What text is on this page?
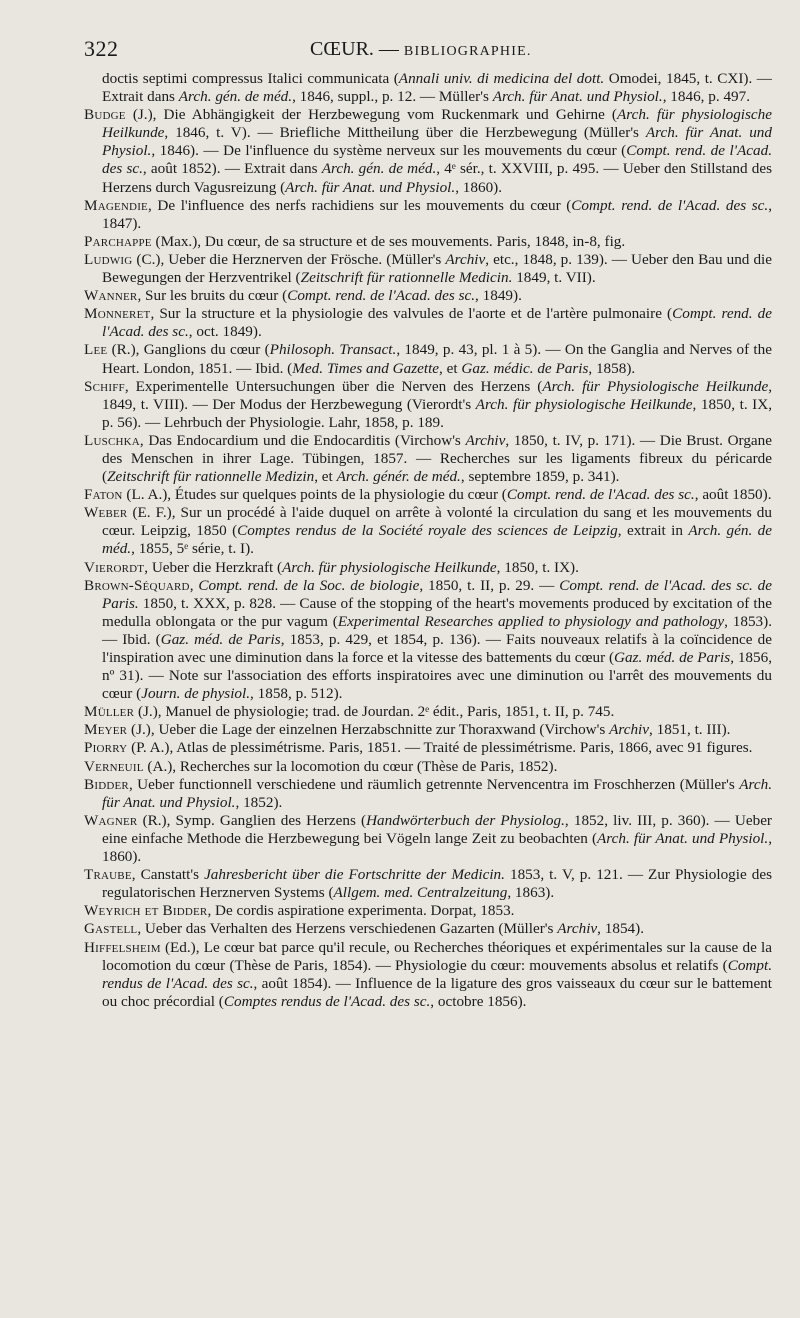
322	CŒUR. — BIBLIOGRAPHIE.

doctis septimi compressus Italici communicata (Annali univ. di medicina del dott. Omodei, 1845, t. CXI). — Extrait dans Arch. gén. de méd., 1846, suppl., p. 12. — Müller's Arch. für Anat. und Physiol., 1846, p. 497.

Budge (J.), Die Abhängigkeit der Herzbewegung vom Ruckenmark und Gehirne (Arch. für physiologische Heilkunde, 1846, t. V). — Briefliche Mittheilung über die Herzbewegung (Müller's Arch. für Anat. und Physiol., 1846). — De l'influence du système nerveux sur les mouvements du cœur (Compt. rend. de l'Acad. des sc., août 1852). — Extrait dans Arch. gén. de méd., 4ᵉ sér., t. XXVIII, p. 495. — Ueber den Stillstand des Herzens durch Vagusreizung (Arch. für Anat. und Physiol., 1860).

Magendie, De l'influence des nerfs rachidiens sur les mouvements du cœur (Compt. rend. de l'Acad. des sc., 1847).

Parchappe (Max.), Du cœur, de sa structure et de ses mouvements. Paris, 1848, in-8, fig.

Ludwig (C.), Ueber die Herznerven der Frösche. (Müller's Archiv, etc., 1848, p. 139). — Ueber den Bau und die Bewegungen der Herzventrikel (Zeitschrift für rationnelle Medicin. 1849, t. VII).

Wanner, Sur les bruits du cœur (Compt. rend. de l'Acad. des sc., 1849).

Monneret, Sur la structure et la physiologie des valvules de l'aorte et de l'artère pulmonaire (Compt. rend. de l'Acad. des sc., oct. 1849).

Lee (R.), Ganglions du cœur (Philosoph. Transact., 1849, p. 43, pl. 1 à 5). — On the Ganglia and Nerves of the Heart. London, 1851. — Ibid. (Med. Times and Gazette, et Gaz. médic. de Paris, 1858).

Schiff, Experimentelle Untersuchungen über die Nerven des Herzens (Arch. für Physiologische Heilkunde, 1849, t. VIII). — Der Modus der Herzbewegung (Vierordt's Arch. für physiologische Heilkunde, 1850, t. IX, p. 56). — Lehrbuch der Physiologie. Lahr, 1858, p. 189.

Luschka, Das Endocardium und die Endocarditis (Virchow's Archiv, 1850, t. IV, p. 171). — Die Brust. Organe des Menschen in ihrer Lage. Tübingen, 1857. — Recherches sur les ligaments fibreux du péricarde (Zeitschrift für rationnelle Medizin, et Arch. génér. de méd., septembre 1859, p. 341).

Faton (L. A.), Études sur quelques points de la physiologie du cœur (Compt. rend. de l'Acad. des sc., août 1850).

Weber (E. F.), Sur un procédé à l'aide duquel on arrête à volonté la circulation du sang et les mouvements du cœur. Leipzig, 1850 (Comptes rendus de la Société royale des sciences de Leipzig, extrait in Arch. gén. de méd., 1855, 5ᵉ série, t. I).

Vierordt, Ueber die Herzkraft (Arch. für physiologische Heilkunde, 1850, t. IX).

Brown-Séquard, Compt. rend. de la Soc. de biologie, 1850, t. II, p. 29. — Compt. rend. de l'Acad. des sc. de Paris. 1850, t. XXX, p. 828. — Cause of the stopping of the heart's movements produced by excitation of the medulla oblongata or the pur vagum (Experimental Researches applied to physiology and pathology, 1853). — Ibid. (Gaz. méd. de Paris, 1853, p. 429, et 1854, p. 136). — Faits nouveaux relatifs à la coïncidence de l'inspiration avec une diminution dans la force et la vitesse des battements du cœur (Gaz. méd. de Paris, 1856, nº 31). — Note sur l'association des efforts inspiratoires avec une diminution ou l'arrêt des mouvements du cœur (Journ. de physiol., 1858, p. 512).

Müller (J.), Manuel de physiologie; trad. de Jourdan. 2ᵉ édit., Paris, 1851, t. II, p. 745.

Meyer (J.), Ueber die Lage der einzelnen Herzabschnitte zur Thoraxwand (Virchow's Archiv, 1851, t. III).

Piorry (P. A.), Atlas de plessimétrisme. Paris, 1851. — Traité de plessimétrisme. Paris, 1866, avec 91 figures.

Verneuil (A.), Recherches sur la locomotion du cœur (Thèse de Paris, 1852).

Bidder, Ueber functionnell verschiedene und räumlich getrennte Nervencentra im Froschherzen (Müller's Arch. für Anat. und Physiol., 1852).

Wagner (R.), Symp. Ganglien des Herzens (Handwörterbuch der Physiolog., 1852, liv. III, p. 360). — Ueber eine einfache Methode die Herzbewegung bei Vögeln lange Zeit zu beobachten (Arch. für Anat. und Physiol., 1860).

Traube, Canstatt's Jahresbericht über die Fortschritte der Medicin. 1853, t. V, p. 121. — Zur Physiologie des regulatorischen Herznerven Systems (Allgem. med. Centralzeitung, 1863).

Weyrich et Bidder, De cordis aspiratione experimenta. Dorpat, 1853.

Gastell, Ueber das Verhalten des Herzens verschiedenen Gazarten (Müller's Archiv, 1854).

Hiffelsheim (Ed.), Le cœur bat parce qu'il recule, ou Recherches théoriques et expérimentales sur la cause de la locomotion du cœur (Thèse de Paris, 1854). — Physiologie du cœur: mouvements absolus et relatifs (Compt. rendus de l'Acad. des sc., août 1854). — Influence de la ligature des gros vaisseaux du cœur sur le battement ou choc précordial (Comptes rendus de l'Acad. des sc., octobre 1856).
